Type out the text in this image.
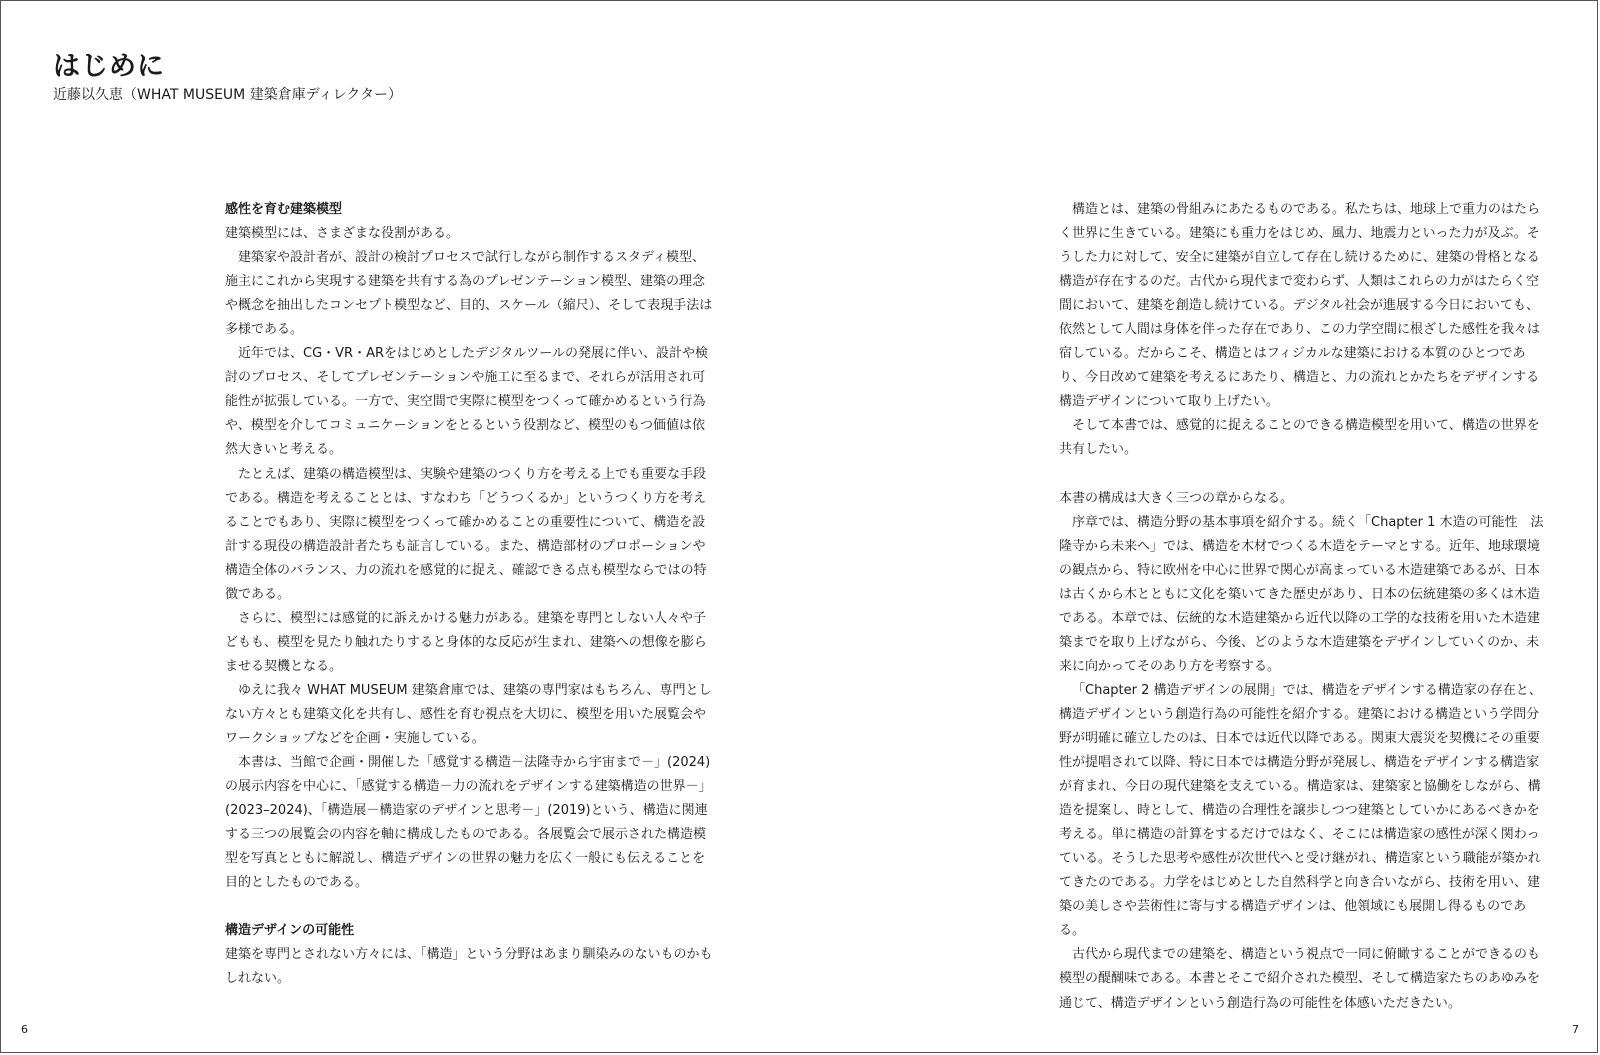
はじめに

近藤以久恵（WHAT MUSEUM 建築倉庫ディレクター）

感性を育む建築模型

建築模型には、さまざまな役割がある。

建築家や設計者が、設計の検討プロセスで試行しながら制作するスタディ模型、施主にこれから実現する建築を共有する為のプレゼンテーション模型、建築の理念や概念を抽出したコンセプト模型など、目的、スケール（縮尺）、そして表現手法は多様である。

近年では、CG・VR・ARをはじめとしたデジタルツールの発展に伴い、設計や検討のプロセス、そしてプレゼンテーションや施工に至るまで、それらが活用され可能性が拡張している。一方で、実空間で実際に模型をつくって確かめるという行為や、模型を介してコミュニケーションをとるという役割など、模型のもつ価値は依然大きいと考える。

たとえば、建築の構造模型は、実験や建築のつくり方を考える上でも重要な手段である。構造を考えることとは、すなわち「どうつくるか」というつくり方を考えることでもあり、実際に模型をつくって確かめることの重要性について、構造を設計する現役の構造設計者たちも証言している。また、構造部材のプロポーションや構造全体のバランス、力の流れを感覚的に捉え、確認できる点も模型ならではの特徴である。

さらに、模型には感覚的に訴えかける魅力がある。建築を専門としない人々や子どもも、模型を見たり触れたりすると身体的な反応が生まれ、建築への想像を膨らませる契機となる。

ゆえに我々 WHAT MUSEUM 建築倉庫では、建築の専門家はもちろん、専門としない方々とも建築文化を共有し、感性を育む視点を大切に、模型を用いた展覧会やワークショップなどを企画・実施している。

本書は、当館で企画・開催した「感覚する構造－法隆寺から宇宙まで－」(2024)の展示内容を中心に、「感覚する構造－力の流れをデザインする建築構造の世界－」(2023–2024)、「構造展－構造家のデザインと思考－」(2019)という、構造に関連する三つの展覧会の内容を軸に構成したものである。各展覧会で展示された構造模型を写真とともに解説し、構造デザインの世界の魅力を広く一般にも伝えることを目的としたものである。

構造デザインの可能性

建築を専門とされない方々には、「構造」という分野はあまり馴染みのないものかもしれない。

構造とは、建築の骨組みにあたるものである。私たちは、地球上で重力のはたらく世界に生きている。建築にも重力をはじめ、風力、地震力といった力が及ぶ。そうした力に対して、安全に建築が自立して存在し続けるために、建築の骨格となる構造が存在するのだ。古代から現代まで変わらず、人類はこれらの力がはたらく空間において、建築を創造し続けている。デジタル社会が進展する今日においても、依然として人間は身体を伴った存在であり、この力学空間に根ざした感性を我々は宿している。だからこそ、構造とはフィジカルな建築における本質のひとつであり、今日改めて建築を考えるにあたり、構造と、力の流れとかたちをデザインする構造デザインについて取り上げたい。

そして本書では、感覚的に捉えることのできる構造模型を用いて、構造の世界を共有したい。

本書の構成は大きく三つの章からなる。

序章では、構造分野の基本事項を紹介する。続く「Chapter 1 木造の可能性　法隆寺から未来へ」では、構造を木材でつくる木造をテーマとする。近年、地球環境の観点から、特に欧州を中心に世界で関心が高まっている木造建築であるが、日本は古くから木とともに文化を築いてきた歴史があり、日本の伝統建築の多くは木造である。本章では、伝統的な木造建築から近代以降の工学的な技術を用いた木造建築までを取り上げながら、今後、どのような木造建築をデザインしていくのか、未来に向かってそのあり方を考察する。

「Chapter 2 構造デザインの展開」では、構造をデザインする構造家の存在と、構造デザインという創造行為の可能性を紹介する。建築における構造という学問分野が明確に確立したのは、日本では近代以降である。関東大震災を契機にその重要性が提唱されて以降、特に日本では構造分野が発展し、構造をデザインする構造家が育まれ、今日の現代建築を支えている。構造家は、建築家と協働をしながら、構造を提案し、時として、構造の合理性を譲歩しつつ建築としていかにあるべきかを考える。単に構造の計算をするだけではなく、そこには構造家の感性が深く関わっている。そうした思考や感性が次世代へと受け継がれ、構造家という職能が築かれてきたのである。力学をはじめとした自然科学と向き合いながら、技術を用い、建築の美しさや芸術性に寄与する構造デザインは、他領域にも展開し得るものである。

古代から現代までの建築を、構造という視点で一同に俯瞰することができるのも模型の醍醐味である。本書とそこで紹介された模型、そして構造家たちのあゆみを通じて、構造デザインという創造行為の可能性を体感いただきたい。

6	7
